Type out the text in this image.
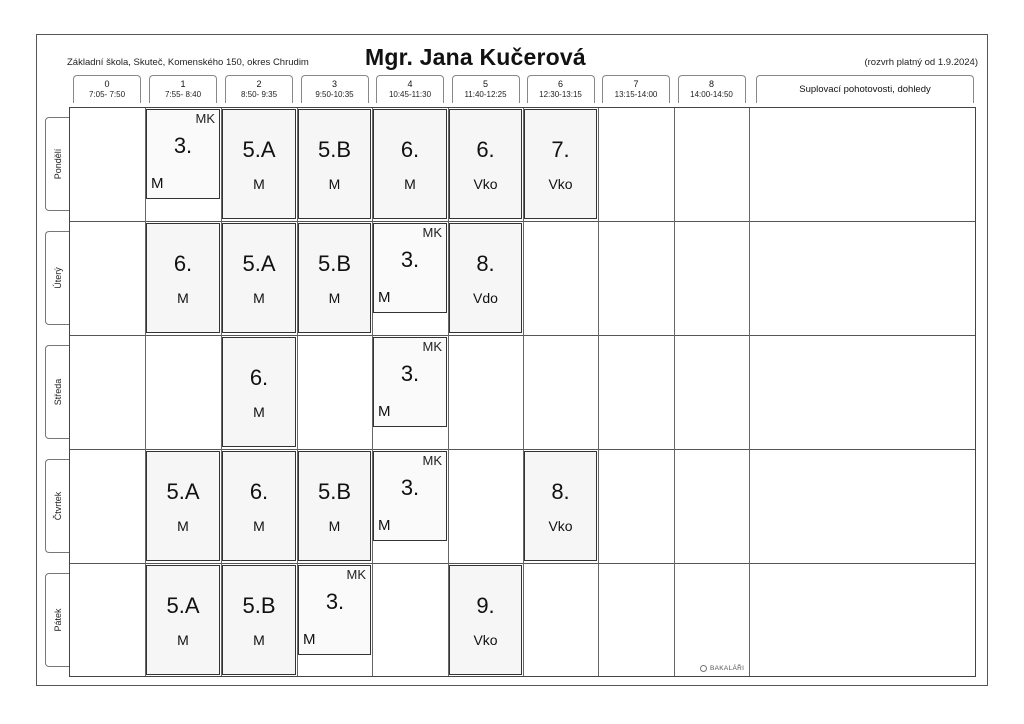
Základní škola, Skuteč, Komenského 150, okres Chrudim Mgr. Jana Kučerová	(rozvrh platný od 1.9.2024)
0
7:05- 7:50
1
7:55- 8:40
2
8:50- 9:35
3
9:50-10:35
4
10:45-11:30
5
11:40-12:25
6
12:30-13:15
7
13:15-14:00
8
14:00-14:50	Suplovací pohotovosti, dohledy
Pondělí
Úterý
Středa
Čtvrtek
Pátek
MK
3.
M
5.A
M
5.B
M
6.
M
6.
Vko
7.
Vko
6.
M
5.A
M
5.B
M
MK
3.
M
8.
Vdo
6.
M
MK
3.
M
5.A
M
6.
M
5.B
M
MK
3.
M
8.
Vko
5.A
M
5.B
M
MK
3.
M
9.
Vko
BAKALÁŘI
